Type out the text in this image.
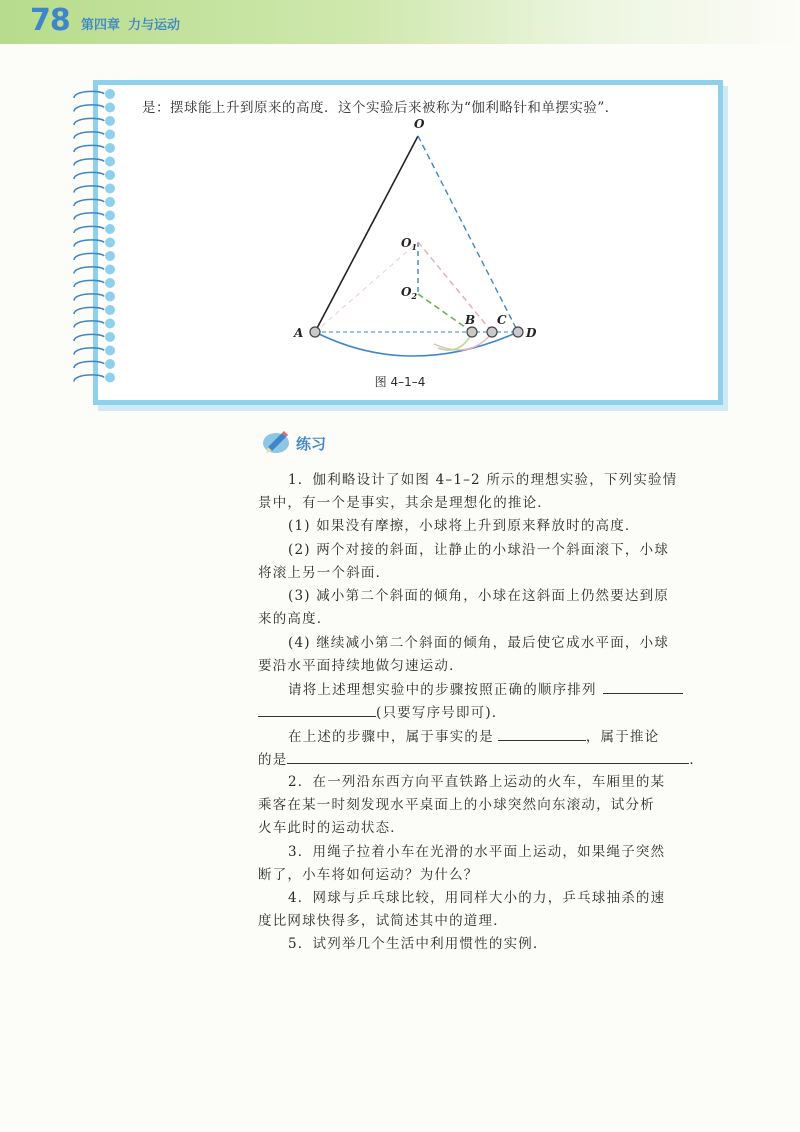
78 第四章 力与运动
是：摆球能上升到原来的高度．这个实验后来被称为“伽利略针和单摆实验”．
O
$O_1$
$O_2$
A
B C
D
图 4–1–4
练习
1．伽利略设计了如图 4–1–2 所示的理想实验，下列实验情
景中，有一个是事实，其余是理想化的推论．
(1) 如果没有摩擦，小球将上升到原来释放时的高度．
(2) 两个对接的斜面，让静止的小球沿一个斜面滚下，小球
将滚上另一个斜面．
(3) 减小第二个斜面的倾角，小球在这斜面上仍然要达到原
来的高度．
(4) 继续减小第二个斜面的倾角，最后使它成水平面，小球
要沿水平面持续地做匀速运动．
请将上述理想实验中的步骤按照正确的顺序排列
(只要写序号即可)．
在上述的步骤中，属于事实的是	，属于推论
的是	．
2．在一列沿东西方向平直铁路上运动的火车，车厢里的某
乘客在某一时刻发现水平桌面上的小球突然向东滚动，试分析
火车此时的运动状态．
3．用绳子拉着小车在光滑的水平面上运动，如果绳子突然
断了，小车将如何运动？为什么？
4．网球与乒乓球比较，用同样大小的力，乒乓球抽杀的速
度比网球快得多，试简述其中的道理．
5．试列举几个生活中利用惯性的实例．
